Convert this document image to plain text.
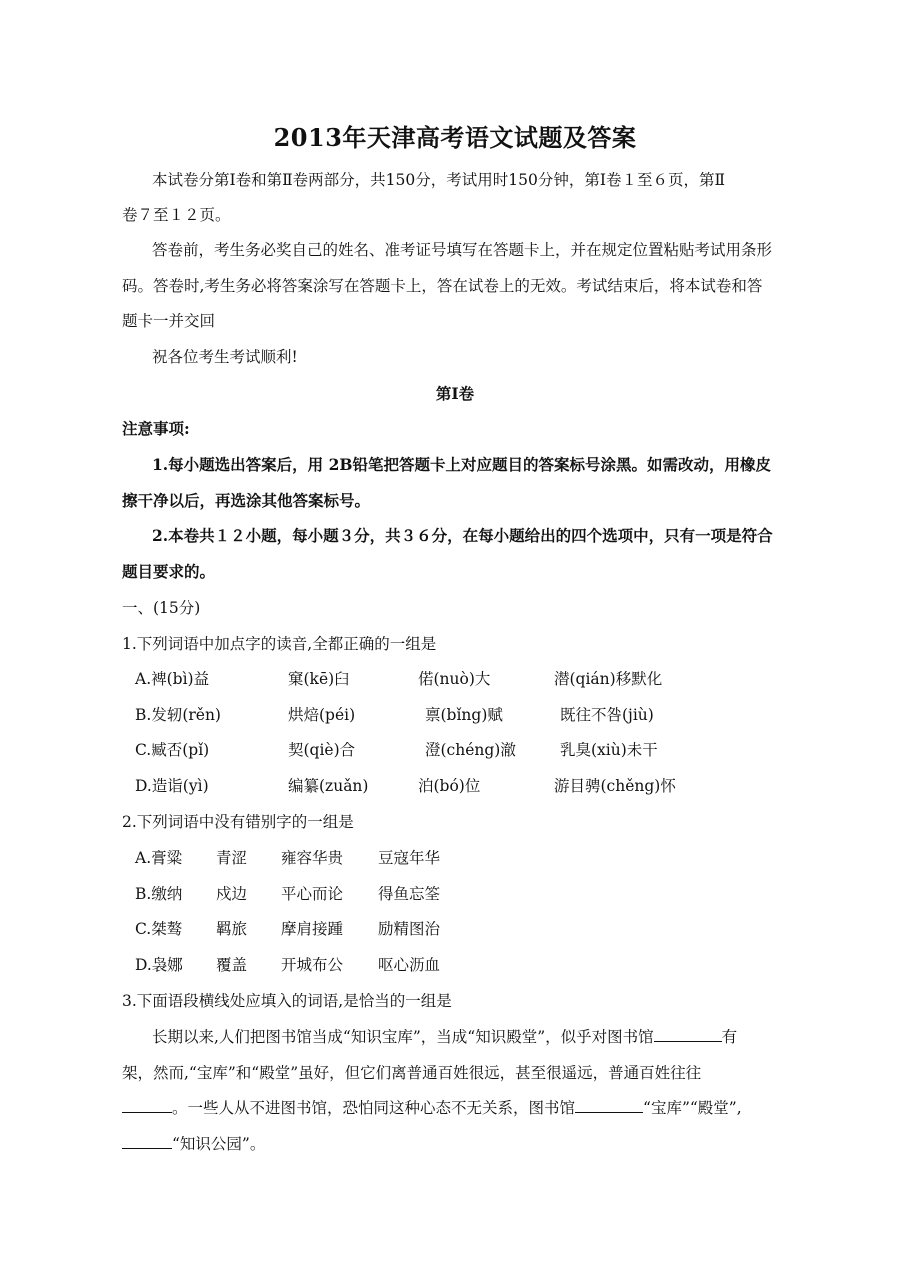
2013年天津高考语文试题及答案
本试卷分第Ⅰ卷和第Ⅱ卷两部分，共150分，考试用时150分钟，第Ⅰ卷１至６页，第Ⅱ
卷７至１２页。
答卷前，考生务必奖自己的姓名、准考证号填写在答题卡上，并在规定位置粘贴考试用条形
码。答卷时,考生务必将答案涂写在答题卡上，答在试卷上的无效。考试结束后，将本试卷和答
题卡一并交回
祝各位考生考试顺利!
第Ⅰ卷
注意事项:
1.每小题选出答案后，用 2B铅笔把答题卡上对应题目的答案标号涂黑。如需改动，用橡皮
擦干净以后，再选涂其他答案标号。
2.本卷共１２小题，每小题３分，共３６分，在每小题给出的四个选项中，只有一项是符合
题目要求的。
一、(15分)
1.下列词语中加点字的读音,全都正确的一组是
A.裨(bì)益	窠(kē)臼	偌(nuò)大	潜(qián)移默化
B.发轫(rěn)	烘焙(péi)	禀(bǐng)赋	既往不咎(jiù)
C.臧否(pǐ)	契(qiè)合	澄(chéng)澈	乳臭(xiù)未干
D.造诣(yì)	编纂(zuǎn)	泊(bó)位	游目骋(chěng)怀
2.下列词语中没有错别字的一组是
A.膏粱 青涩 雍容华贵 豆寇年华
B.缴纳 戍边 平心而论 得鱼忘筌
C.桀骜 羁旅 摩肩接踵 励精图治
D.袅娜 覆盖 开城布公 呕心沥血
3.下面语段横线处应填入的词语,是恰当的一组是
长期以来,人们把图书馆当成“知识宝库”，当成“知识殿堂”，似乎对图书馆	有
架，然而,“宝库”和“殿堂”虽好，但它们离普通百姓很远，甚至很遥远，普通百姓往往
。一些人从不进图书馆，恐怕同这种心态不无关系，图书馆	“宝库”“殿堂”,
“知识公园”。
